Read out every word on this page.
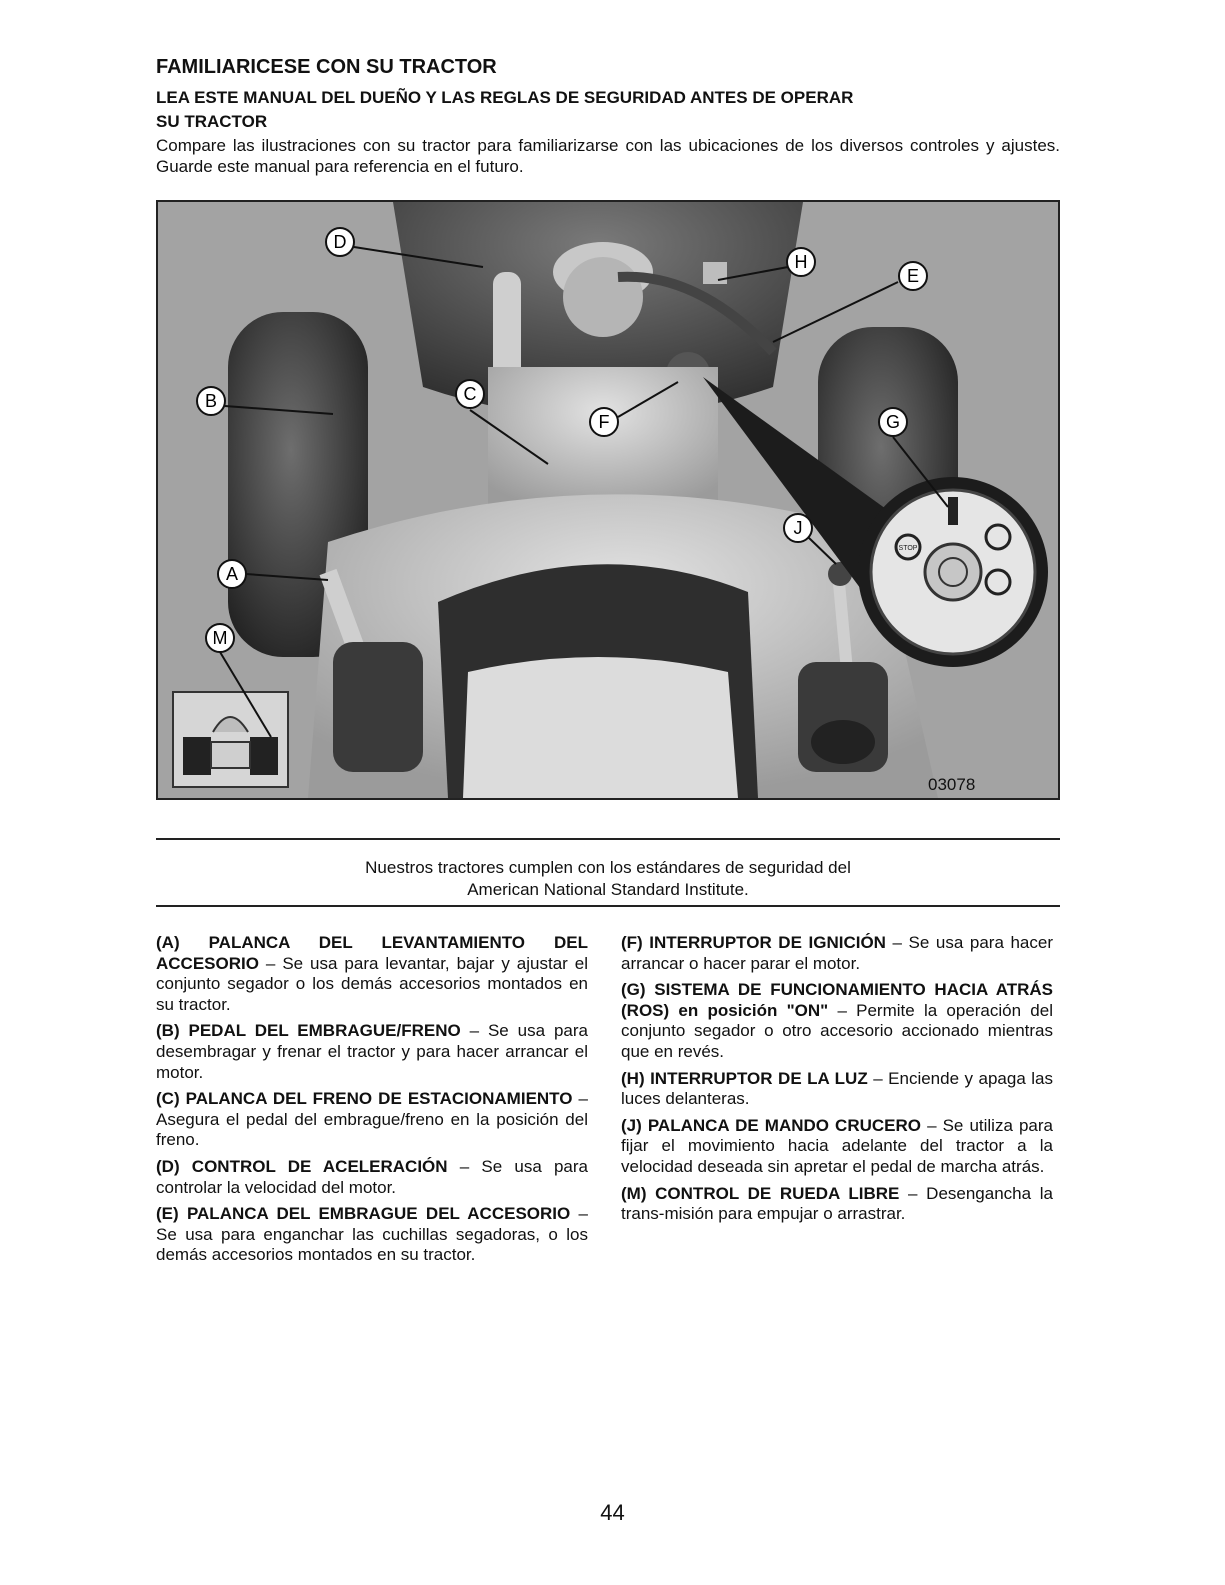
FAMILIARICESE CON SU TRACTOR
LEA ESTE MANUAL DEL DUEÑO Y LAS REGLAS DE SEGURIDAD ANTES DE OPERAR
SU TRACTOR
Compare las ilustraciones con su tractor para familiarizarse con las ubicaciones de los diversos controles y ajustes. Guarde este manual para referencia en el futuro.
STOP
D
H
E
B	C
F	G
J
A
M
03078
Nuestros tractores cumplen con los estándares de seguridad del
American National Standard Institute.

(A) PALANCA DEL LEVANTAMIENTO DEL ACCESORIO – Se usa para levantar, bajar y ajustar el conjunto segador o los demás accesorios montados en su tractor.

(B) PEDAL DEL EMBRAGUE/FRENO – Se usa para desembragar y frenar el tractor y para hacer arrancar el motor.

(C) PALANCA DEL FRENO DE ESTACIONAMIENTO – Asegura el pedal del embrague/freno en la posición del freno.

(D) CONTROL DE ACELERACIÓN – Se usa para controlar la velocidad del motor.

(E) PALANCA DEL EMBRAGUE DEL ACCESORIO – Se usa para enganchar las cuchillas segadoras, o los demás accesorios montados en su tractor.

(F) INTERRUPTOR DE IGNICIÓN – Se usa para hacer arrancar o hacer parar el motor.

(G) SISTEMA DE FUNCIONAMIENTO HACIA ATRÁS (ROS) en posición "ON" – Permite la operación del conjunto segador o otro accesorio accionado mientras que en revés.

(H) INTERRUPTOR DE LA LUZ – Enciende y apaga las luces delanteras.

(J) PALANCA DE MANDO CRUCERO – Se utiliza para fijar el movimiento hacia adelante del tractor a la velocidad deseada sin apretar el pedal de marcha atrás.

(M) CONTROL DE RUEDA LIBRE – Desengancha la trans-misión para empujar o arrastrar.

44
